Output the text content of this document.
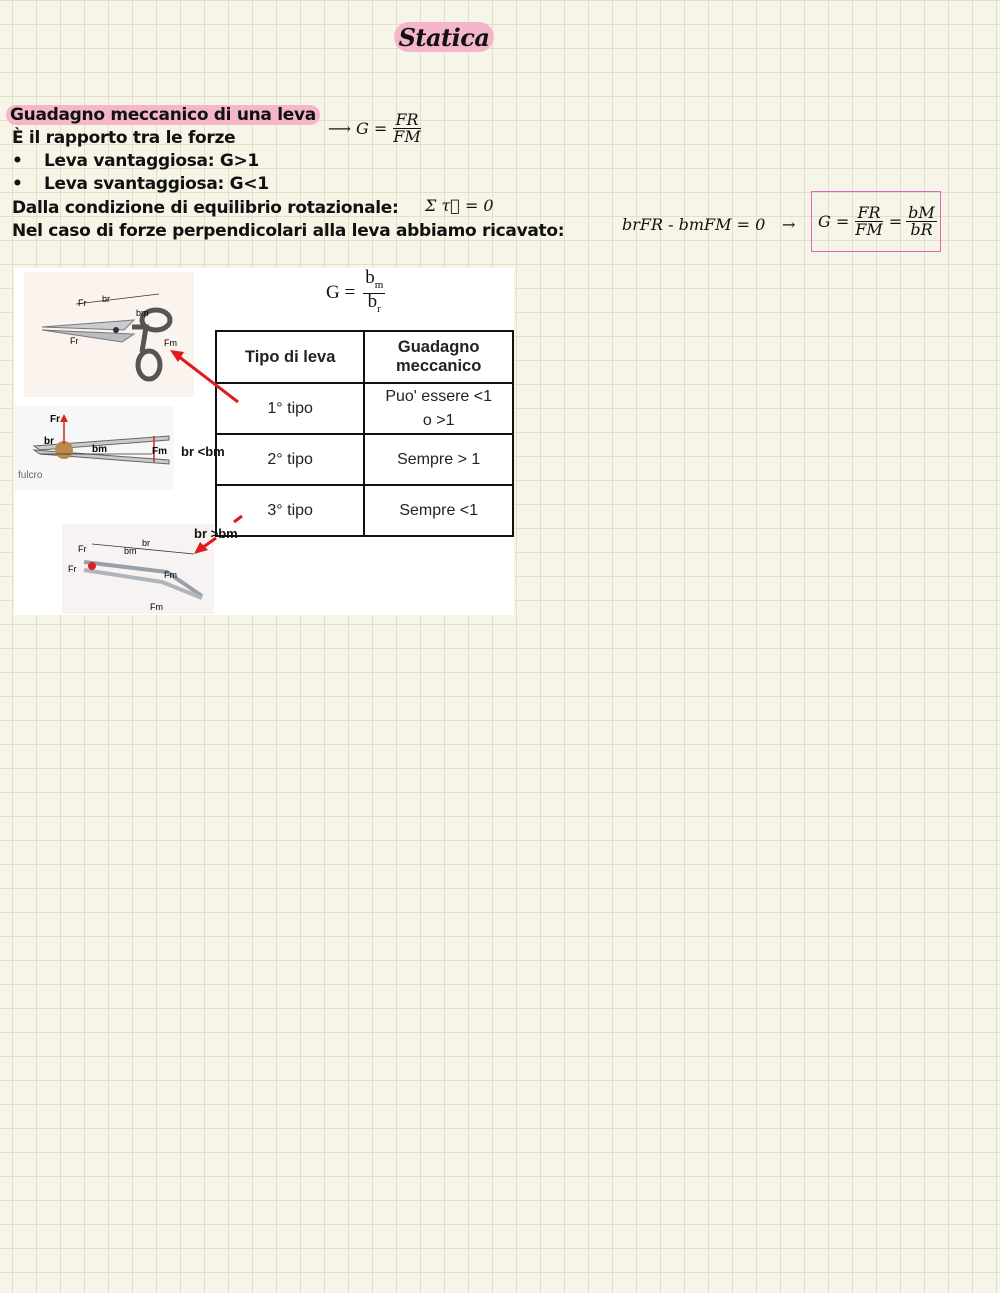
Statica
Guadagno meccanico di una leva
È il rapporto tra le forze
• Leva vantaggiosa: G>1
• Leva svantaggiosa: G<1
Dalla condizione di equilibrio rotazionale:
Nel caso di forze perpendicolari alla leva abbiamo ricavato:
⟶ $G = \frac{FR}{FM}$
Σ τ⃗ = 0
brFR - bmFM = $0 \to G = \frac{FR}{FM} = \frac{bM}{bR}$
$G = \frac{b_m}{b_r}$
Tipo di leva	Guadagno meccanico
1° tipo	Puo' essere <1 o >1
2° tipo	Sempre > 1
3° tipo	Sempre <1
Fr br
bm
Fm
Fr
Fr
br
bm	Fm
fulcro
Fr
br
bm
Fm
Fr
Fm
br <bm
br >bm
